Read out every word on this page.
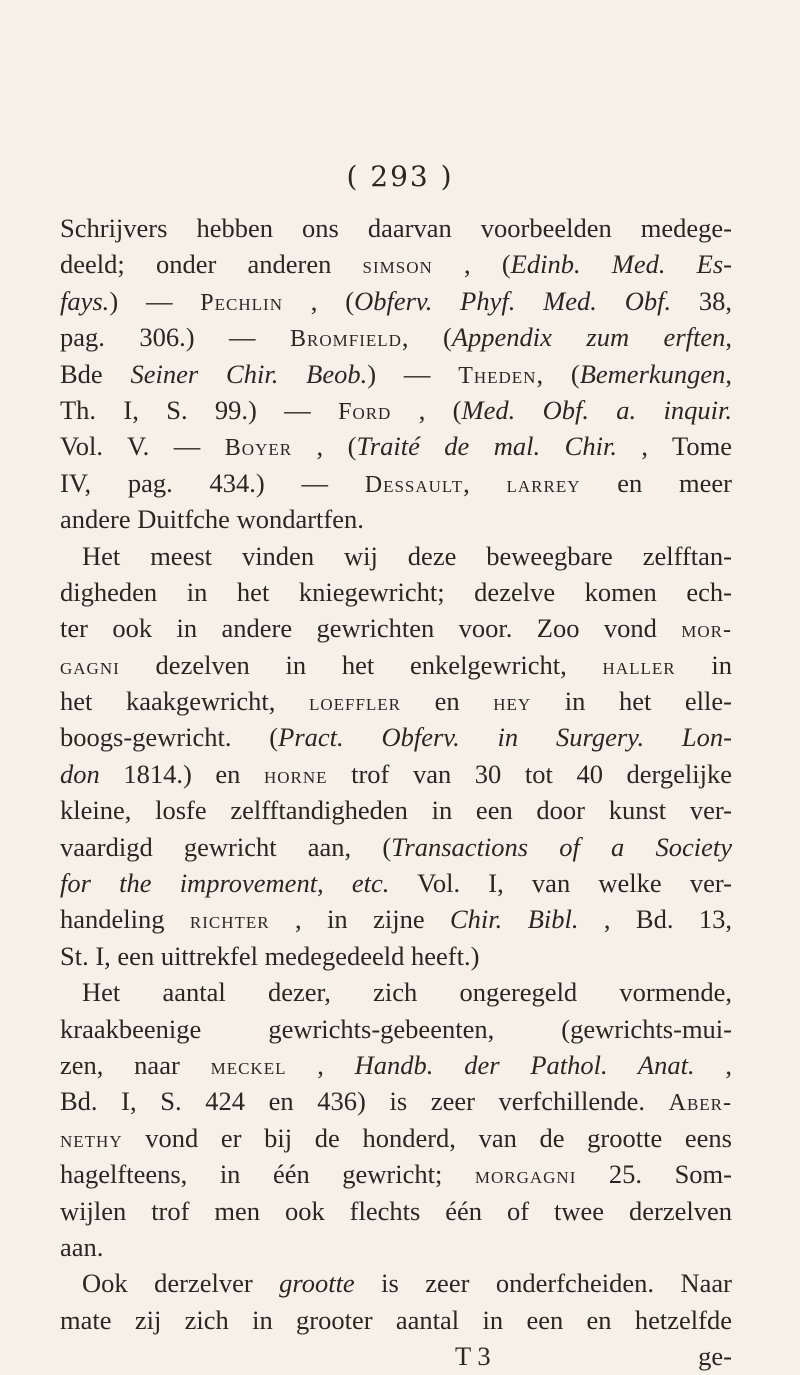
( 293 )
Schrijvers hebben ons daarvan voorbeelden medege-
deeld; onder anderen simson , (Edinb. Med. Es-
fays.) — Pechlin , (Obferv. Phyf. Med. Obf. 38,
pag. 306.) — Bromfield, (Appendix zum erften,
Bde Seiner Chir. Beob.) — Theden, (Bemerkungen,
Th. I, S. 99.) — Ford , (Med. Obf. a. inquir.
Vol. V. — Boyer , (Traité de mal. Chir. , Tome
IV, pag. 434.) — Dessault, larrey en meer
andere Duitfche wondartfen.
Het meest vinden wij deze beweegbare zelfftan-
digheden in het kniegewricht; dezelve komen ech-
ter ook in andere gewrichten voor. Zoo vond mor-
gagni dezelven in het enkelgewricht, haller in
het kaakgewricht, loeffler en hey in het elle-
boogs-gewricht. (Pract. Obferv. in Surgery. Lon-
don 1814.) en horne trof van 30 tot 40 dergelijke
kleine, losfe zelfftandigheden in een door kunst ver-
vaardigd gewricht aan, (Transactions of a Society
for the improvement, etc. Vol. I, van welke ver-
handeling richter , in zijne Chir. Bibl. , Bd. 13,
St. I, een uittrekfel medegedeeld heeft.)
Het aantal dezer, zich ongeregeld vormende,
kraakbeenige gewrichts-gebeenten, (gewrichts-mui-
zen, naar meckel , Handb. der Pathol. Anat. ,
Bd. I, S. 424 en 436) is zeer verfchillende. Aber-
nethy vond er bij de honderd, van de grootte eens
hagelfteens, in één gewricht; morgagni 25. Som-
wijlen trof men ook flechts één of twee derzelven
aan.
Ook derzelver grootte is zeer onderfcheiden. Naar
mate zij zich in grooter aantal in een en hetzelfde
T 3	ge-
